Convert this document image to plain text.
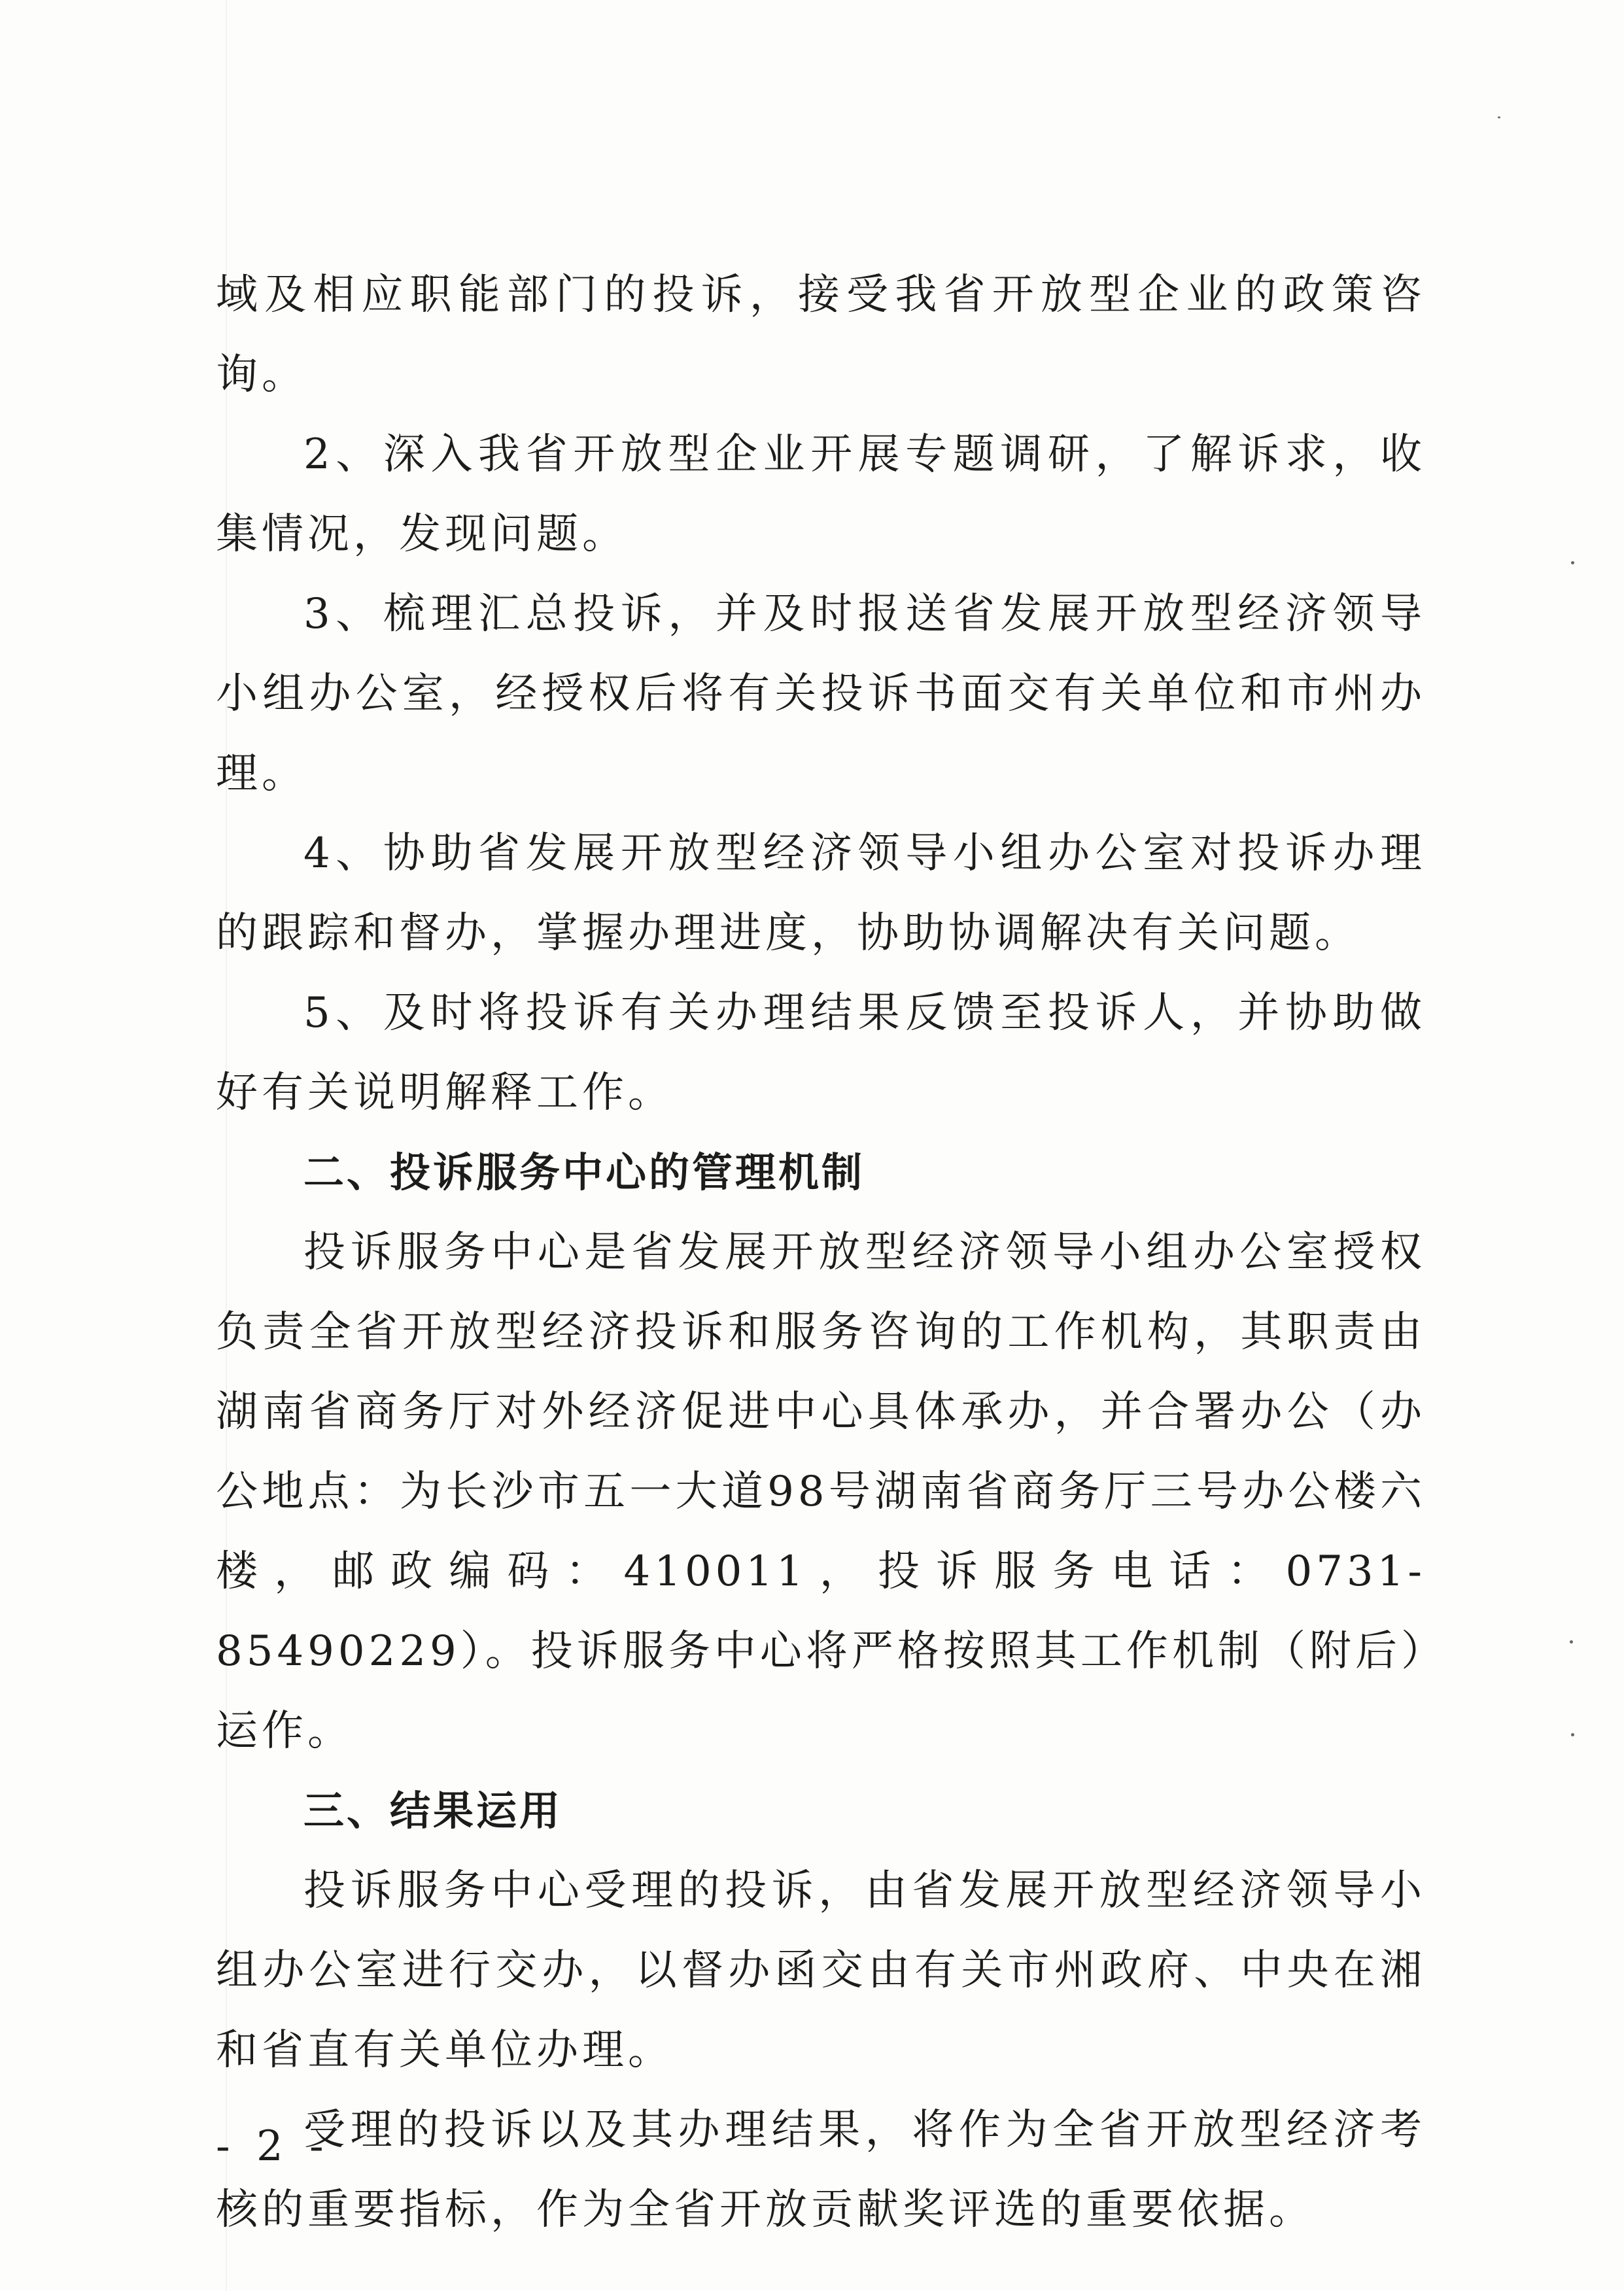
域及相应职能部门的投诉，接受我省开放型企业的政策咨询。

2、深入我省开放型企业开展专题调研，了解诉求，收集情况，发现问题。

3、梳理汇总投诉，并及时报送省发展开放型经济领导小组办公室，经授权后将有关投诉书面交有关单位和市州办理。

4、协助省发展开放型经济领导小组办公室对投诉办理的跟踪和督办，掌握办理进度，协助协调解决有关问题。

5、及时将投诉有关办理结果反馈至投诉人，并协助做好有关说明解释工作。

二、投诉服务中心的管理机制

投诉服务中心是省发展开放型经济领导小组办公室授权负责全省开放型经济投诉和服务咨询的工作机构，其职责由湖南省商务厅对外经济促进中心具体承办，并合署办公（办公地点：为长沙市五一大道98号湖南省商务厅三号办公楼六楼，邮政编码：410011，投诉服务电话：0731-85490229）。投诉服务中心将严格按照其工作机制（附后）运作。

三、结果运用

投诉服务中心受理的投诉，由省发展开放型经济领导小组办公室进行交办，以督办函交由有关市州政府、中央在湘和省直有关单位办理。

受理的投诉以及其办理结果，将作为全省开放型经济考核的重要指标，作为全省开放贡献奖评选的重要依据。

- 2 -
